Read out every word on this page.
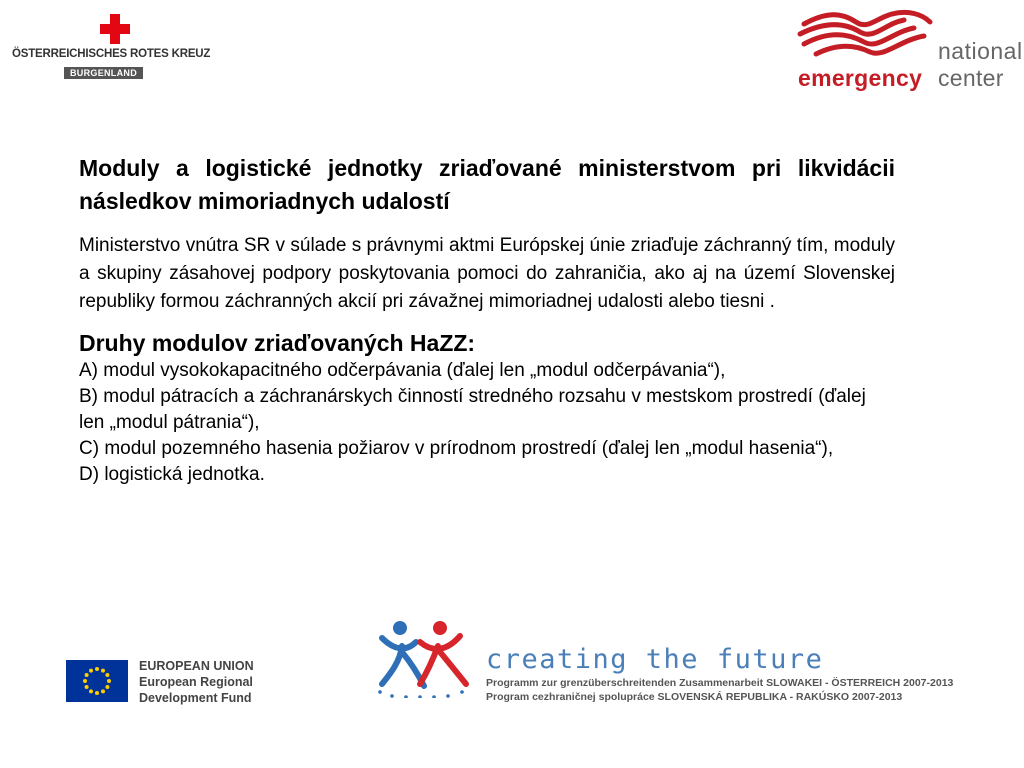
ÖSTERREICHISCHES ROTES KREUZ
BURGENLAND
national
emergency center
Moduly a logistické jednotky zriaďované ministerstvom pri likvidácii následkov mimoriadnych udalostí

Ministerstvo vnútra SR v súlade s právnymi aktmi Európskej únie zriaďuje záchranný tím, moduly a skupiny zásahovej podpory poskytovania pomoci do zahraničia, ako aj na území Slovenskej republiky formou záchranných akcií pri závažnej mimoriadnej udalosti alebo tiesni .

Druhy modulov zriaďovaných HaZZ:

A) modul vysokokapacitného odčerpávania (ďalej len „modul odčerpávania“),

B) modul pátracích a záchranárskych činností stredného rozsahu v mestskom prostredí (ďalej len „modul pátrania“),

C) modul pozemného hasenia požiarov v prírodnom prostredí (ďalej len „modul hasenia“),

D) logistická jednotka.

EUROPEAN UNION
European Regional
Development Fund
creating the future
Programm zur grenzüberschreitenden Zusammenarbeit SLOWAKEI - ÖSTERREICH 2007-2013
Program cezhraničnej spolupráce SLOVENSKÁ REPUBLIKA - RAKÚSKO 2007-2013
